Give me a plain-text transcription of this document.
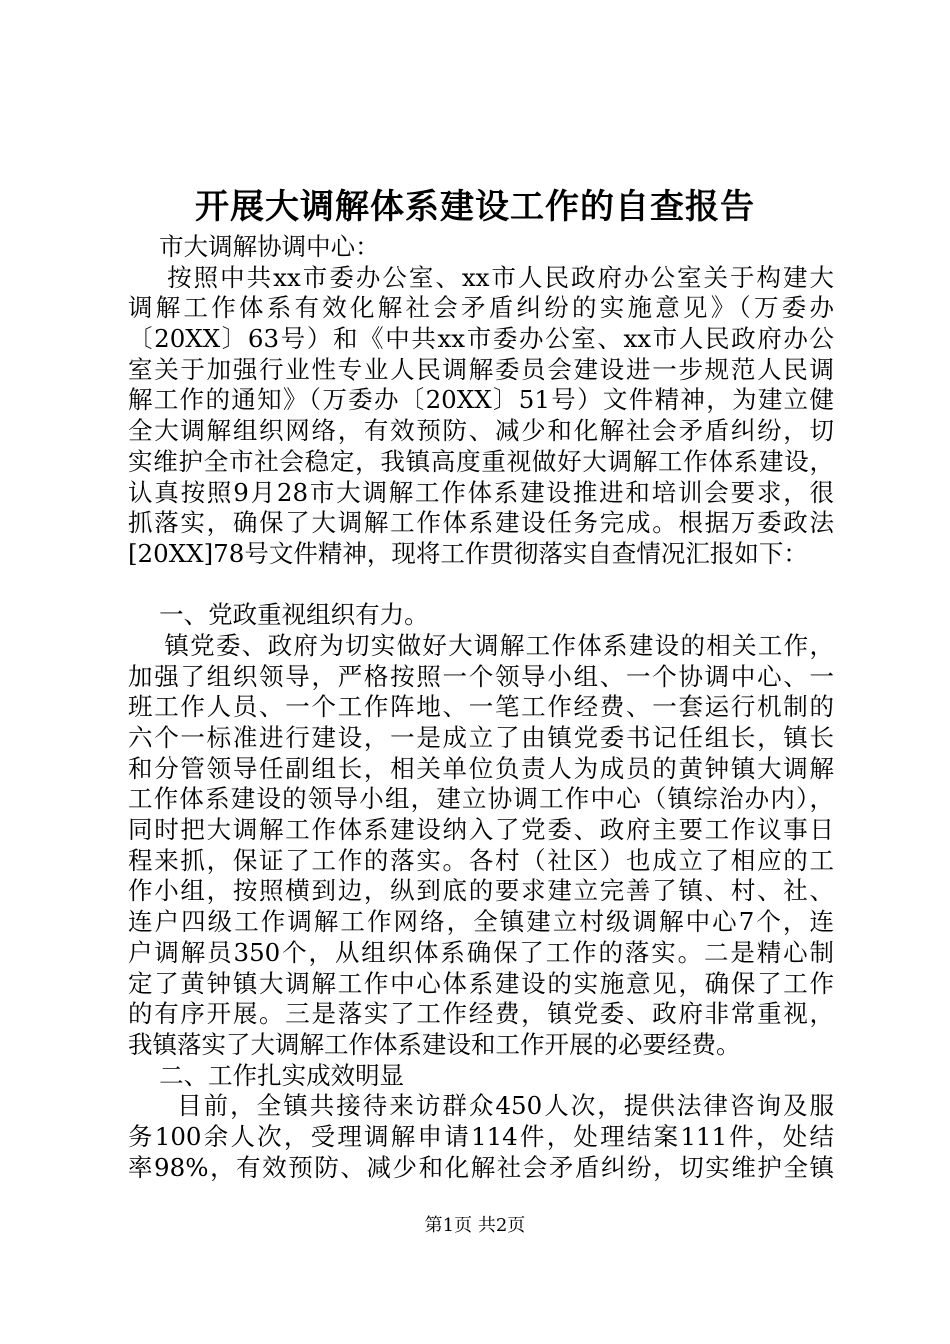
开展大调解体系建设工作的自查报告
市大调解协调中心：
按照中共xx市委办公室、xx市人民政府办公室关于构建大
调解工作体系有效化解社会矛盾纠纷的实施意见》（万委办
〔20XX〕63号）和《中共xx市委办公室、xx市人民政府办公
室关于加强行业性专业人民调解委员会建设进一步规范人民调
解工作的通知》（万委办〔20XX〕51号）文件精神，为建立健
全大调解组织网络，有效预防、减少和化解社会矛盾纠纷，切
实维护全市社会稳定，我镇高度重视做好大调解工作体系建设，
认真按照9月28市大调解工作体系建设推进和培训会要求，很
抓落实，确保了大调解工作体系建设任务完成。根据万委政法
[20XX]78号文件精神，现将工作贯彻落实自查情况汇报如下：
一、党政重视组织有力。
镇党委、政府为切实做好大调解工作体系建设的相关工作，
加强了组织领导，严格按照一个领导小组、一个协调中心、一
班工作人员、一个工作阵地、一笔工作经费、一套运行机制的
六个一标准进行建设，一是成立了由镇党委书记任组长，镇长
和分管领导任副组长，相关单位负责人为成员的黄钟镇大调解
工作体系建设的领导小组，建立协调工作中心（镇综治办内），
同时把大调解工作体系建设纳入了党委、政府主要工作议事日
程来抓，保证了工作的落实。各村（社区）也成立了相应的工
作小组，按照横到边，纵到底的要求建立完善了镇、村、社、
连户四级工作调解工作网络，全镇建立村级调解中心7个，连
户调解员350个，从组织体系确保了工作的落实。二是精心制
定了黄钟镇大调解工作中心体系建设的实施意见，确保了工作
的有序开展。三是落实了工作经费，镇党委、政府非常重视，
我镇落实了大调解工作体系建设和工作开展的必要经费。
二、工作扎实成效明显
目前，全镇共接待来访群众450人次，提供法律咨询及服
务100余人次，受理调解申请114件，处理结案111件，处结
率98%，有效预防、减少和化解社会矛盾纠纷，切实维护全镇
第1页 共2页
